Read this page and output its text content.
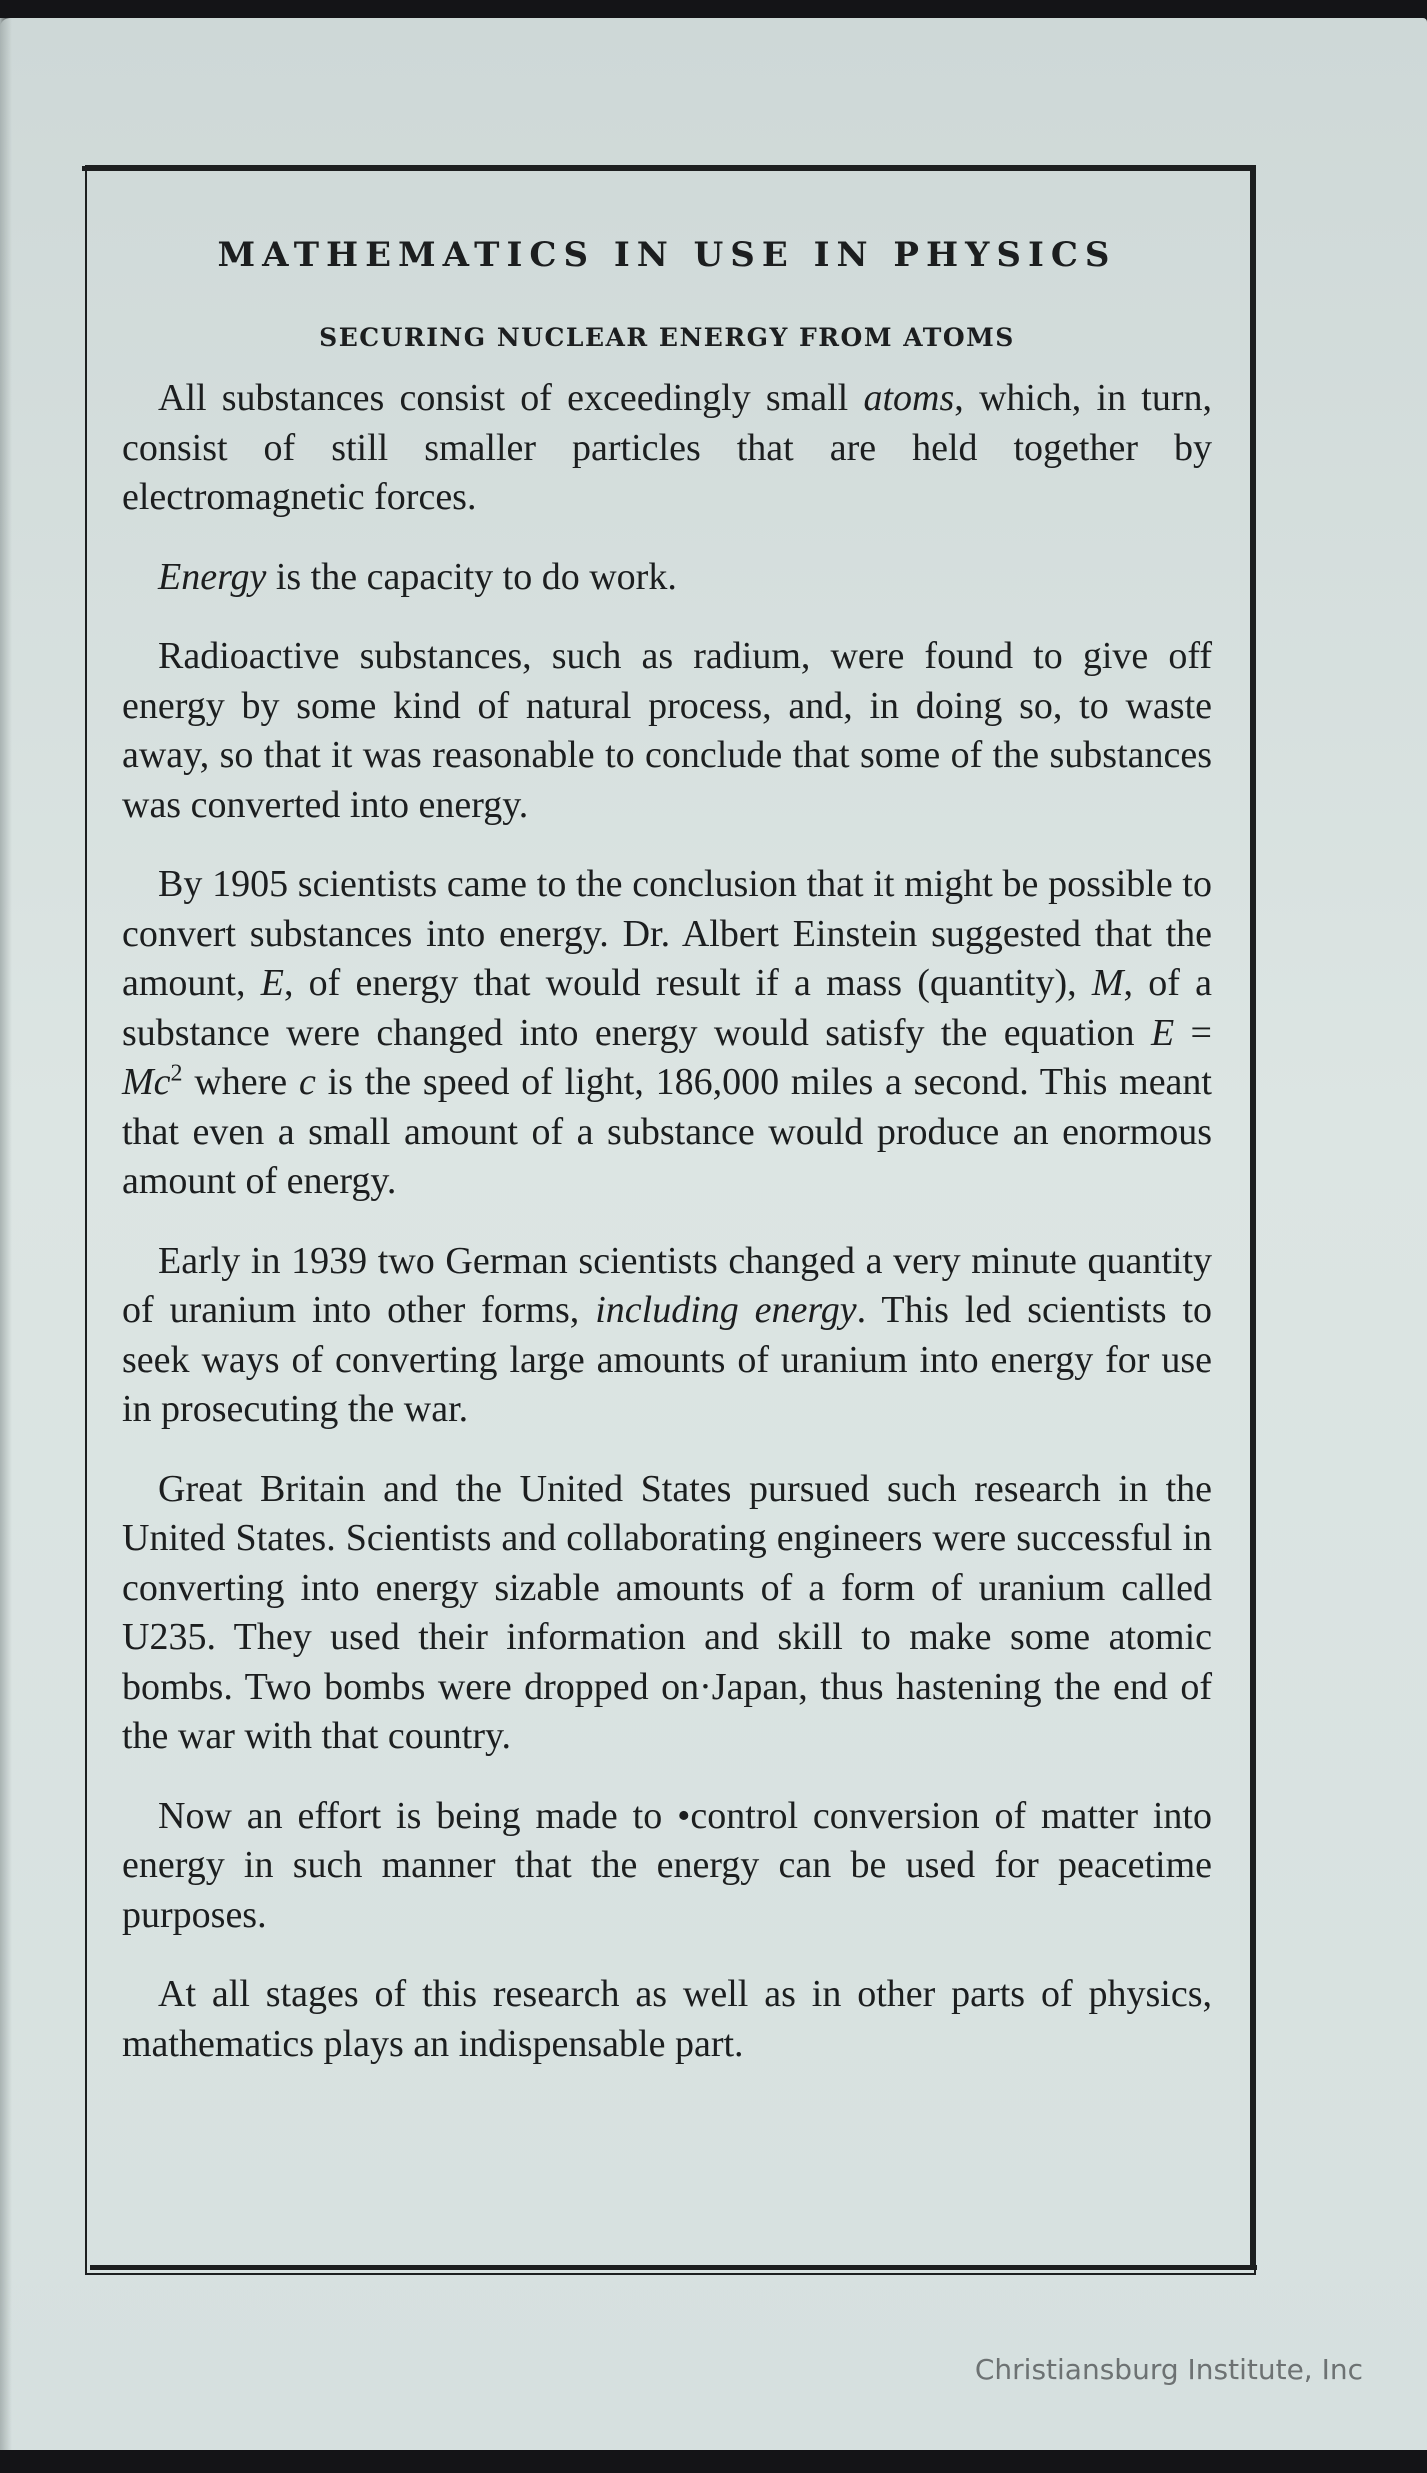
MATHEMATICS IN USE IN PHYSICS
SECURING NUCLEAR ENERGY FROM ATOMS

All substances consist of exceedingly small atoms, which, in turn, consist of still smaller particles that are held together by electromagnetic forces.

Energy is the capacity to do work.

Radioactive substances, such as radium, were found to give off energy by some kind of natural process, and, in doing so, to waste away, so that it was reasonable to conclude that some of the substances was converted into energy.

By 1905 scientists came to the conclusion that it might be possible to convert substances into energy. Dr. Albert Einstein suggested that the amount, E, of energy that would result if a mass (quantity), M, of a substance were changed into energy would satisfy the equation $E = Mc^2$ where c is the speed of light, 186,000 miles a second. This meant that even a small amount of a substance would produce an enormous amount of energy.

Early in 1939 two German scientists changed a very minute quantity of uranium into other forms, including energy. This led scientists to seek ways of converting large amounts of uranium into energy for use in prosecuting the war.

Great Britain and the United States pursued such research in the United States. Scientists and collaborating engineers were successful in converting into energy sizable amounts of a form of uranium called U235. They used their information and skill to make some atomic bombs. Two bombs were dropped on·Japan, thus hastening the end of the war with that country.

Now an effort is being made to •control conversion of matter into energy in such manner that the energy can be used for peacetime purposes.

At all stages of this research as well as in other parts of physics, mathematics plays an indispensable part.

Christiansburg Institute, Inc
